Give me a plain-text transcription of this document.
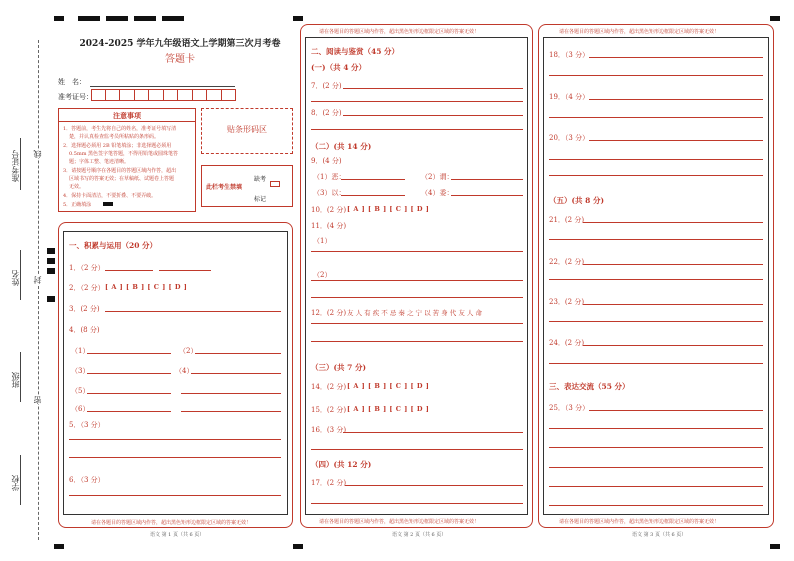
准考证号
姓名
班级
学校
线
封
密
2024-2025 学年九年级语文上学期第三次月考卷
答题卡
姓　名：
准考证号：
注意事项
1．答题前，考生先将自己的姓名，准考证号填写清
楚，并认真检查监考员所粘贴的条形码。
2．选择题必须用 2B 铅笔填涂；非选择题必须用
0.5mm 黑色签字笔答题，不得用铅笔或圆珠笔答
题；字体工整、笔迹清晰。
3．请按题号顺序在各题目的答题区域内作答，超出
区域书写的答案无效；在草稿纸、试题卷上答题
无效。
4．保持卡面清洁，不要折叠、不要弄破。
5．正确填涂
贴条形码区
此栏考生禁填
缺考
标记
一、积累与运用（20 分）
1．（2 分）
2．（2 分） [ A ] [ B ] [ C ] [ D ]
3．(2 分)
4．(8 分)
（1）	（2）
（3）	（4）
（5）
（6）
5．（3 分）
6．（3 分）
请在各题目的答题区域内作答，超出黑色矩形边框限定区域的答案无效！
语文 第 1 页（共 6 页）
请在各题目的答题区域内作答，超出黑色矩形边框限定区域的答案无效！
二、阅读与鉴赏（45 分）
(一)（共 4 分）
7．(2 分)
8．(2 分)
（二）(共 14 分)
9．(4 分)
（1）恶：	（2）谓：
（3）以：	（4）委：
10．(2 分) [ A ] [ B ] [ C ] [ D ]
11．(4 分)
（1）
（2）
12．(2 分) 友 人 有 疾 不 忌 秦 之 宁 以 苦 身 代 友 人 命
（三）(共 7 分)
14．(2 分) [ A ] [ B ] [ C ] [ D ]
15．(2 分) [ A ] [ B ] [ C ] [ D ]
16．(3 分)
（四）(共 12 分)
17．(2 分)
请在各题目的答题区域内作答，超出黑色矩形边框限定区域的答案无效！
语文 第 2 页（共 6 页）
请在各题目的答题区域内作答，超出黑色矩形边框限定区域的答案无效！
18．（3 分）
19．（4 分）
20．（3 分）
（五）(共 8 分)
21．(2 分)
22．(2 分)
23．(2 分)
24．(2 分)
三、表达交流（55 分）
25．（3 分）
请在各题目的答题区域内作答，超出黑色矩形边框限定区域的答案无效！
语文 第 3 页（共 6 页）
